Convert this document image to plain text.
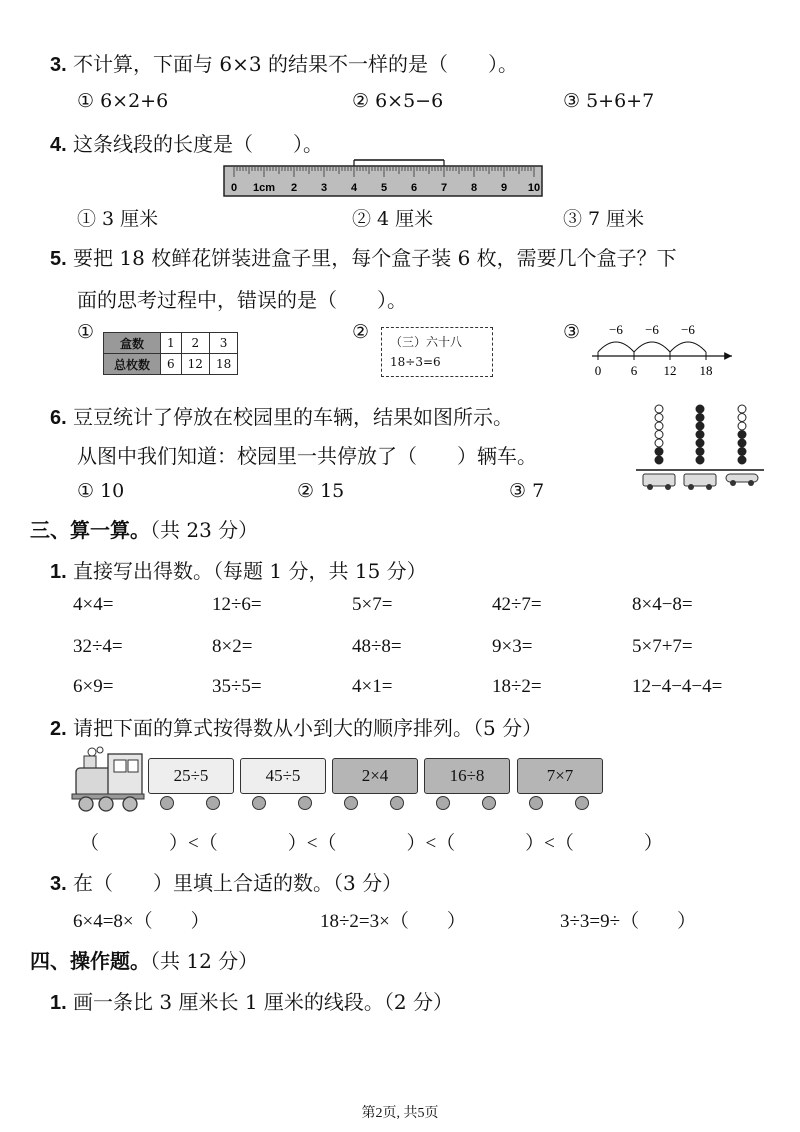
3. 不计算，下面与 6×3 的结果不一样的是（　　）。
① 6×2+6	② 6×5−6	③ 5+6+7
4. 这条线段的长度是（　　）。
0 1cm 2 3 4 5 6 7 8 9 10
① 3 厘米	② 4 厘米	③ 7 厘米
5. 要把 18 枚鲜花饼装进盒子里，每个盒子装 6 枚，需要几个盒子？下
面的思考过程中，错误的是（　　）。
①
盒数	1	2	3
总枚数	6	12	18
② （三）六十八
18÷3=6
③
0 6 12 18
−6
−6
−6
6. 豆豆统计了停放在校园里的车辆，结果如图所示。
从图中我们知道：校园里一共停放了（　　）辆车。
① 10	② 15	③ 7
三、算一算。（共 23 分）
1. 直接写出得数。（每题 1 分，共 15 分）
4×4=	12÷6=	5×7=	42÷7=	8×4−8=
32÷4=	8×2=	48÷8=	9×3=	5×7+7=
6×9=	35÷5=	4×1=	18÷2=	12−4−4−4=
2. 请把下面的算式按得数从小到大的顺序排列。（5 分）
25÷5	45÷5	2×4	16÷8	7×7
（	）<（	）<（	）<（	）<（	）
3. 在（　　）里填上合适的数。（3 分）
6×4=8×（　　）	18÷2=3×（　　）	3÷3=9÷（　　）
四、操作题。（共 12 分）
1. 画一条比 3 厘米长 1 厘米的线段。（2 分）
第2页, 共5页
